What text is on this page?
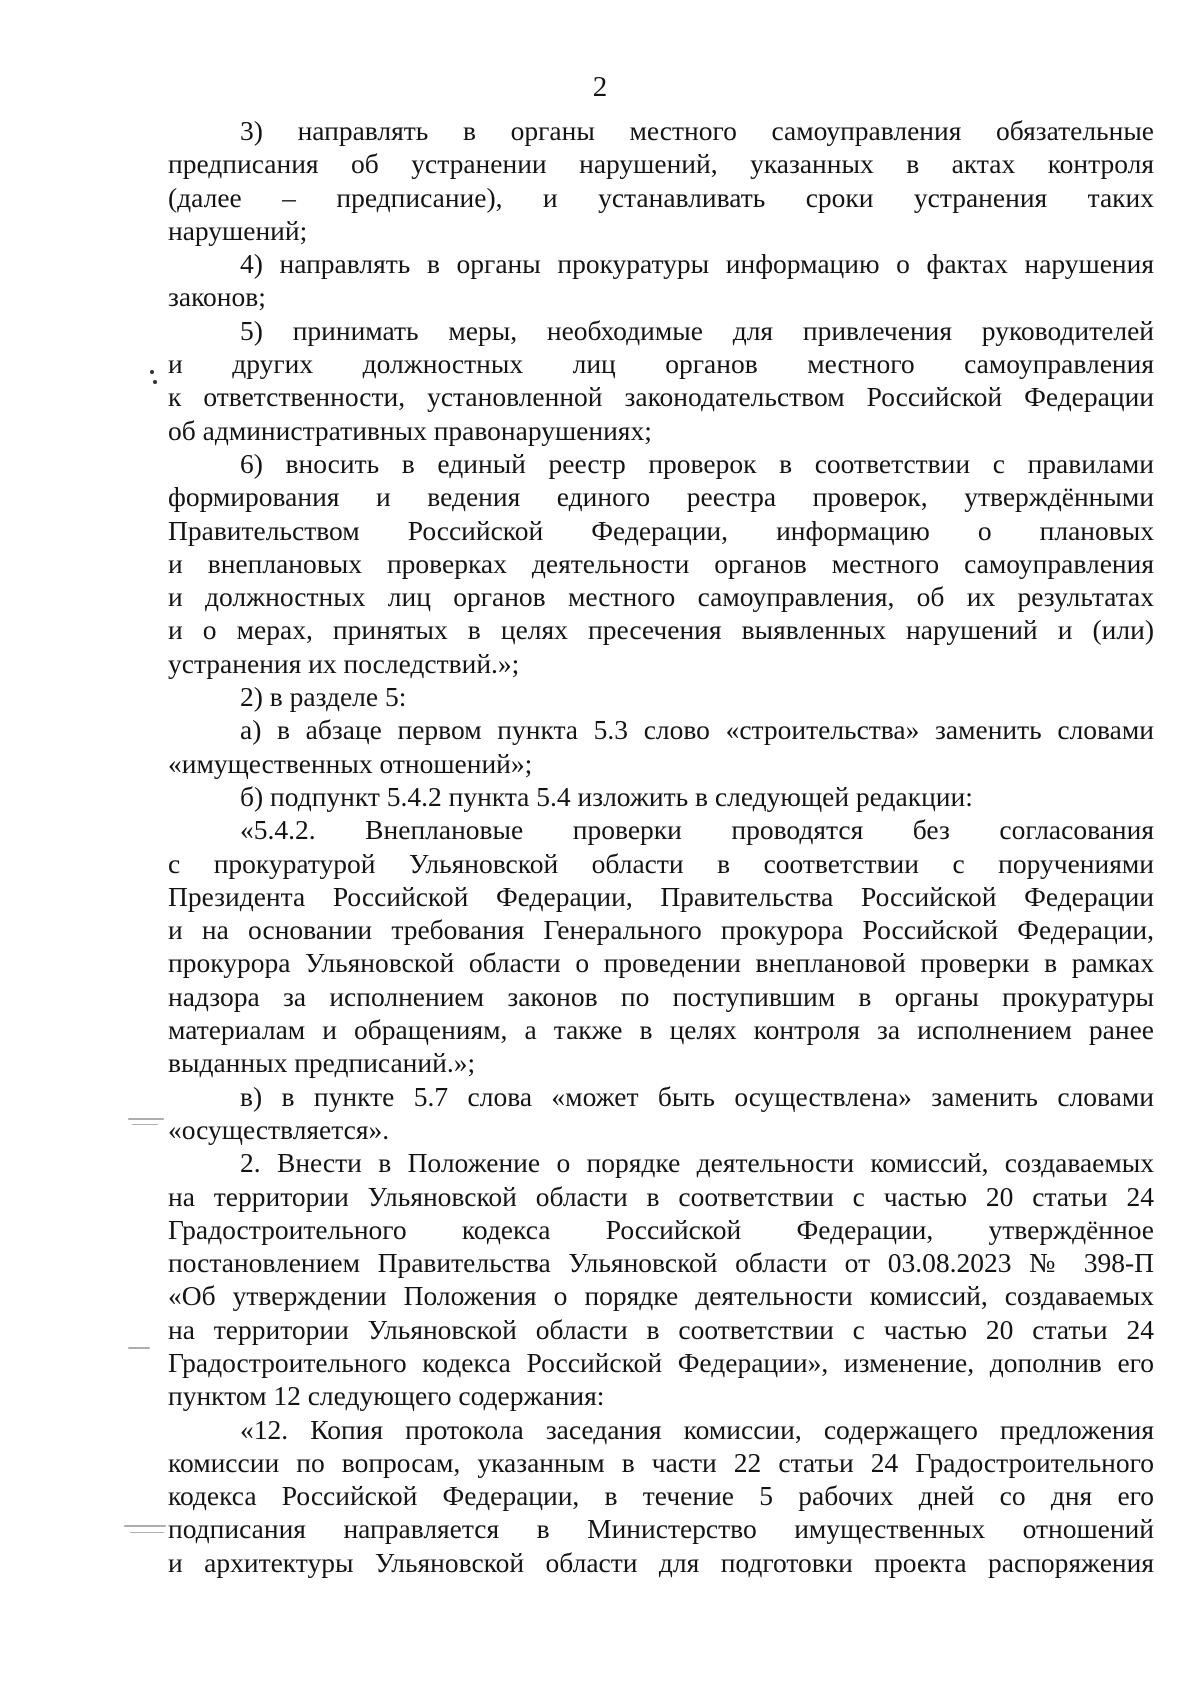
2
3) направлять в органы местного самоуправления обязательные
предписания об устранении нарушений, указанных в актах контроля
(далее – предписание), и устанавливать сроки устранения таких
нарушений;
4) направлять в органы прокуратуры информацию о фактах нарушения
законов;
5) принимать меры, необходимые для привлечения руководителей
и других должностных лиц органов местного самоуправления
к ответственности, установленной законодательством Российской Федерации
об административных правонарушениях;
6) вносить в единый реестр проверок в соответствии с правилами
формирования и ведения единого реестра проверок, утверждёнными
Правительством Российской Федерации, информацию о плановых
и внеплановых проверках деятельности органов местного самоуправления
и должностных лиц органов местного самоуправления, об их результатах
и о мерах, принятых в целях пресечения выявленных нарушений и (или)
устранения их последствий.»;
2) в разделе 5:
а) в абзаце первом пункта 5.3 слово «строительства» заменить словами
«имущественных отношений»;
б) подпункт 5.4.2 пункта 5.4 изложить в следующей редакции:
«5.4.2. Внеплановые проверки проводятся без согласования
с прокуратурой Ульяновской области в соответствии с поручениями
Президента Российской Федерации, Правительства Российской Федерации
и на основании требования Генерального прокурора Российской Федерации,
прокурора Ульяновской области о проведении внеплановой проверки в рамках
надзора за исполнением законов по поступившим в органы прокуратуры
материалам и обращениям, а также в целях контроля за исполнением ранее
выданных предписаний.»;
в) в пункте 5.7 слова «может быть осуществлена» заменить словами
«осуществляется».
2. Внести в Положение о порядке деятельности комиссий, создаваемых
на территории Ульяновской области в соответствии с частью 20 статьи 24
Градостроительного кодекса Российской Федерации, утверждённое
постановлением Правительства Ульяновской области от 03.08.2023 № 398-П
«Об утверждении Положения о порядке деятельности комиссий, создаваемых
на территории Ульяновской области в соответствии с частью 20 статьи 24
Градостроительного кодекса Российской Федерации», изменение, дополнив его
пунктом 12 следующего содержания:
«12. Копия протокола заседания комиссии, содержащего предложения
комиссии по вопросам, указанным в части 22 статьи 24 Градостроительного
кодекса Российской Федерации, в течение 5 рабочих дней со дня его
подписания направляется в Министерство имущественных отношений
и архитектуры Ульяновской области для подготовки проекта распоряжения
